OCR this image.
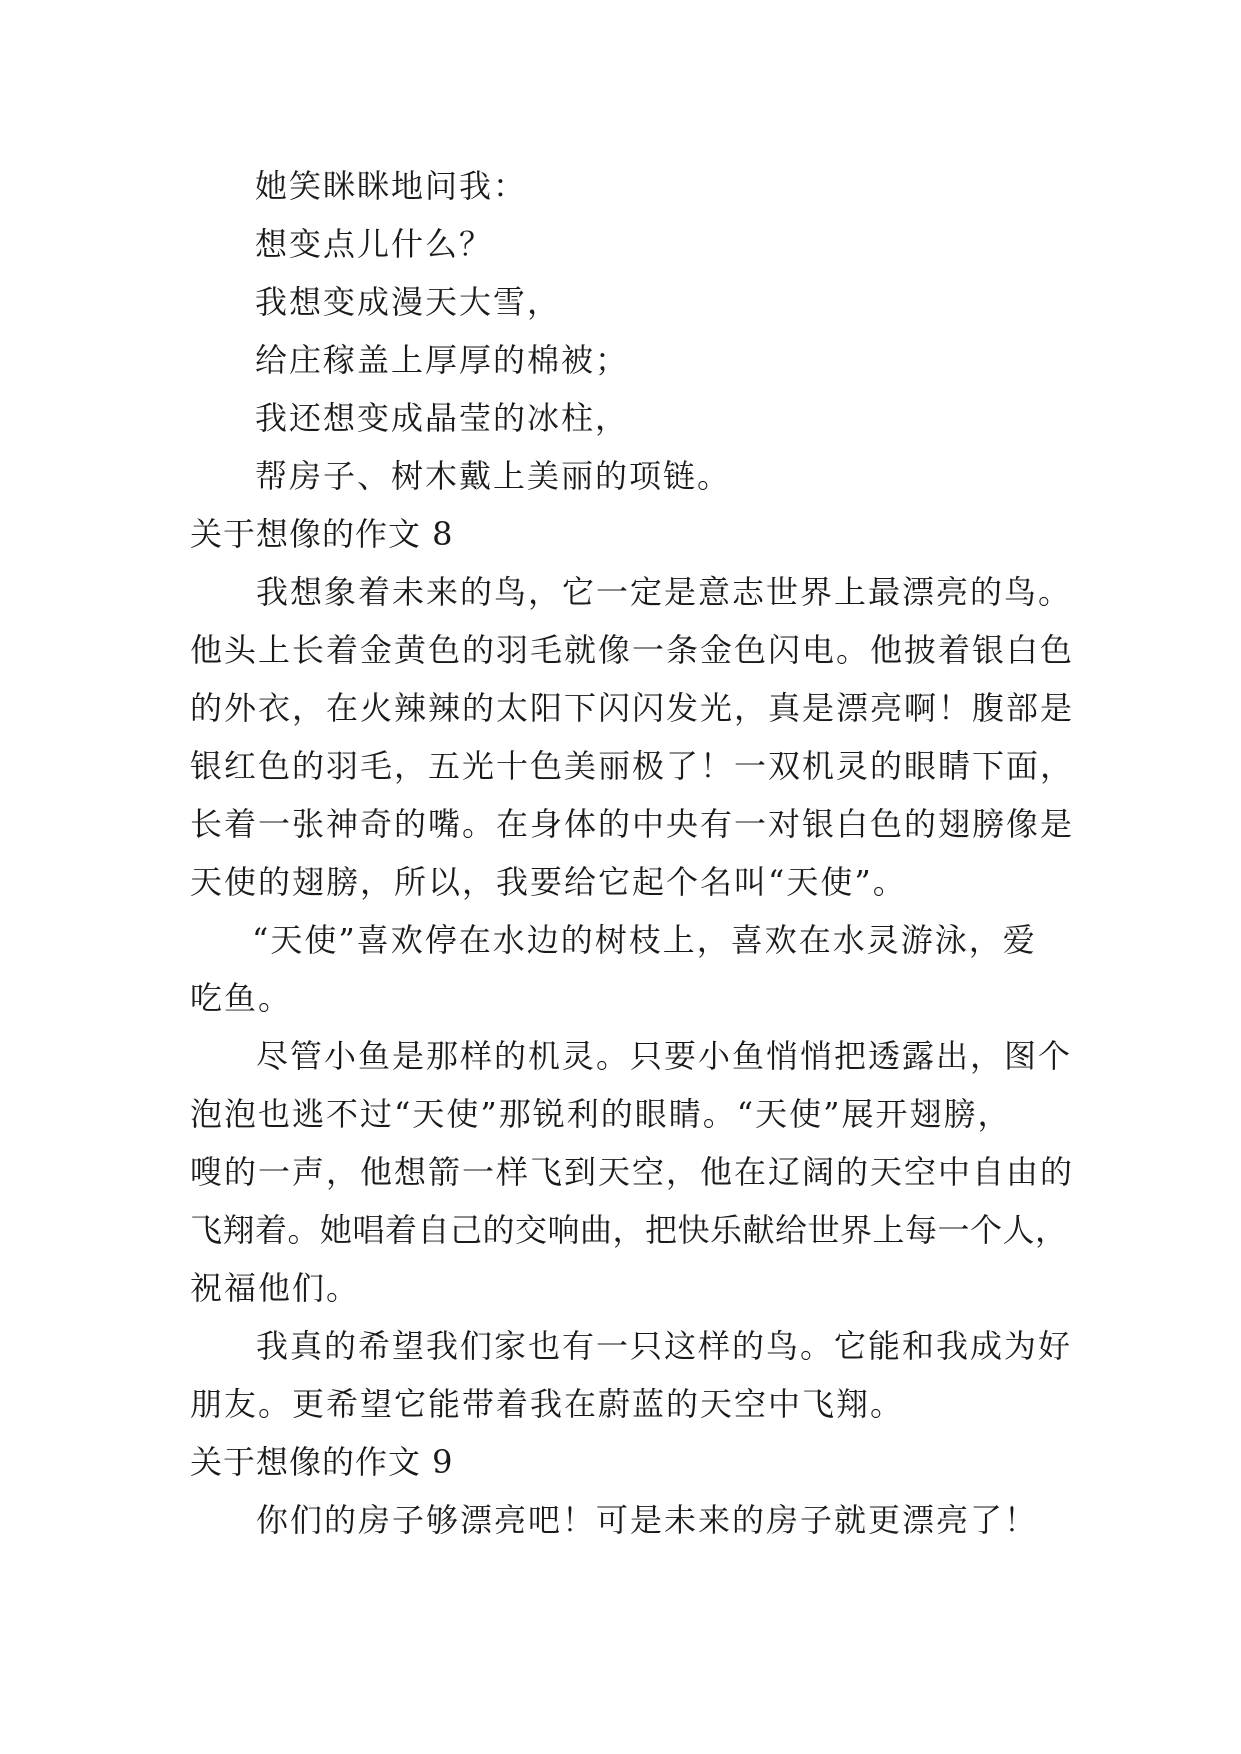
她笑眯眯地问我：
想变点儿什么？
我想变成漫天大雪，
给庄稼盖上厚厚的棉被；
我还想变成晶莹的冰柱，
帮房子、树木戴上美丽的项链。
关于想像的作文 8
我想象着未来的鸟，它一定是意志世界上最漂亮的鸟。
他头上长着金黄色的羽毛就像一条金色闪电。他披着银白色
的外衣，在火辣辣的太阳下闪闪发光，真是漂亮啊！腹部是
银红色的羽毛，五光十色美丽极了！一双机灵的眼睛下面，
长着一张神奇的嘴。在身体的中央有一对银白色的翅膀像是
天使的翅膀，所以，我要给它起个名叫“天使”。
“天使”喜欢停在水边的树枝上，喜欢在水灵游泳，爱
吃鱼。
尽管小鱼是那样的机灵。只要小鱼悄悄把透露出，图个
泡泡也逃不过“天使”那锐利的眼睛。“天使”展开翅膀，
嗖的一声，他想箭一样飞到天空，他在辽阔的天空中自由的
飞翔着。她唱着自己的交响曲，把快乐献给世界上每一个人，
祝福他们。
我真的希望我们家也有一只这样的鸟。它能和我成为好
朋友。更希望它能带着我在蔚蓝的天空中飞翔。
关于想像的作文 9
你们的房子够漂亮吧！可是未来的房子就更漂亮了！
